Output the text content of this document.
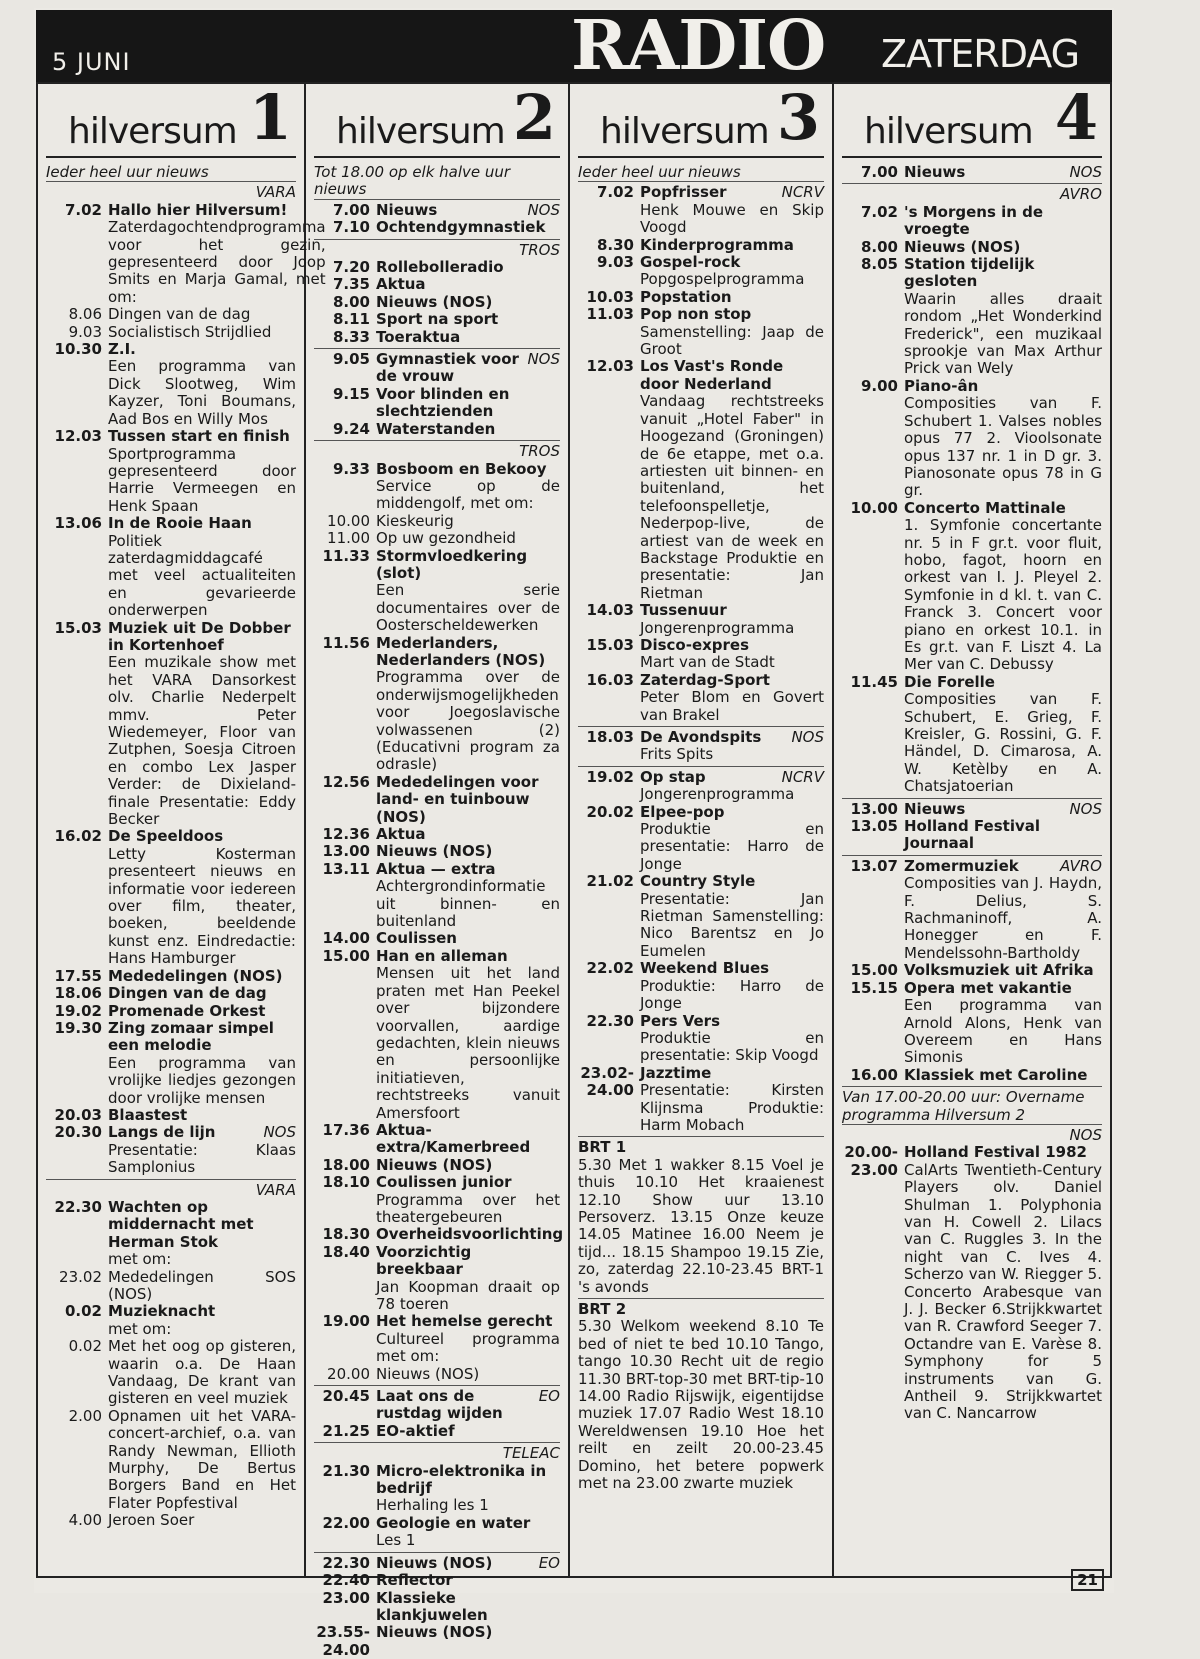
5 JUNI	RADIO ZATERDAG
hilversum 1
Ieder heel uur nieuws
VARA
7.02 Hallo hier Hilversum!
Zaterdagochtendprogramma voor het gezin, gepresenteerd door Joop Smits en Marja Gamal, met om:
8.06 Dingen van de dag
9.03 Socialistisch Strijdlied
10.30 Z.I.
Een programma van Dick Slootweg, Wim Kayzer, Toni Boumans, Aad Bos en Willy Mos
12.03 Tussen start en finish
Sportprogramma gepresenteerd door Harrie Vermeegen en Henk Spaan
13.06 In de Rooie Haan
Politiek zaterdagmiddagcafé met veel actualiteiten en gevarieerde onderwerpen
15.03 Muziek uit De Dobber in Kortenhoef
Een muzikale show met het VARA Dansorkest olv. Charlie Nederpelt mmv. Peter Wiedemeyer, Floor van Zutphen, Soesja Citroen en combo Lex Jasper Verder: de Dixieland-finale Presentatie: Eddy Becker
16.02 De Speeldoos
Letty Kosterman presenteert nieuws en informatie voor iedereen over film, theater, boeken, beeldende kunst enz. Eindredactie: Hans Hamburger
17.55 Mededelingen (NOS)
18.06 Dingen van de dag
19.02 Promenade Orkest
19.30 Zing zomaar simpel een melodie
Een programma van vrolijke liedjes gezongen door vrolijke mensen
20.03 Blaastest
20.30 Langs de lijn	NOS
Presentatie: Klaas Samplonius
VARA
22.30 Wachten op middernacht met Herman Stok
met om:
23.02 Mededelingen SOS (NOS)
0.02 Muzieknacht
met om:
0.02 Met het oog op gisteren, waarin o.a. De Haan Vandaag, De krant van gisteren en veel muziek
2.00 Opnamen uit het VARA-concert-archief, o.a. van Randy Newman, Ellioth Murphy, De Bertus Borgers Band en Het Flater Popfestival
4.00 Jeroen Soer
hilversum 2
Tot 18.00 op elk halve uur nieuws
7.00 Nieuws	NOS
7.10 Ochtendgymnastiek
TROS
7.20 Rollebolleradio
7.35 Aktua
8.00 Nieuws (NOS)
8.11 Sport na sport
8.33 Toeraktua
9.05 Gymnastiek voor de vrouw
NOS
9.15 Voor blinden en slechtzienden
9.24 Waterstanden
TROS
9.33 Bosboom en Bekooy
Service op de middengolf, met om:
10.00 Kieskeurig
11.00 Op uw gezondheid
11.33 Stormvloedkering (slot)
Een serie documentaires over de Oosterscheldewerken
11.56 Mederlanders, Nederlanders (NOS)
Programma over de onderwijsmogelijkheden voor Joegoslavische volwassenen (2) (Educativni program za odrasle)
12.56 Mededelingen voor land- en tuinbouw (NOS)
12.36 Aktua
13.00 Nieuws (NOS)
13.11 Aktua — extra
Achtergrondinformatie uit binnen- en buitenland
14.00 Coulissen
15.00 Han en alleman
Mensen uit het land praten met Han Peekel over bijzondere voorvallen, aardige gedachten, klein nieuws en persoonlijke initiatieven, rechtstreeks vanuit Amersfoort
17.36 Aktua-extra/Kamerbreed
18.00 Nieuws (NOS)
18.10 Coulissen junior
Programma over het theatergebeuren
18.30 Overheidsvoorlichting
18.40 Voorzichtig breekbaar
Jan Koopman draait op 78 toeren
19.00 Het hemelse gerecht
Cultureel programma met om:
20.00 Nieuws (NOS)
20.45 Laat ons de rustdag wijden
EO
21.25 EO-aktief
TELEAC
21.30 Micro-elektronika in bedrijf
Herhaling les 1
22.00 Geologie en water
Les 1
22.30 Nieuws (NOS)	EO
22.40 Reflector
23.00 Klassieke klankjuwelen
23.55-24.00
Nieuws (NOS)
hilversum 3
Ieder heel uur nieuws
7.02 Popfrisser	NCRV
Henk Mouwe en Skip Voogd
8.30 Kinderprogramma
9.03 Gospel-rock
Popgospelprogramma
10.03 Popstation
11.03 Pop non stop
Samenstelling: Jaap de Groot
12.03 Los Vast's Ronde door Nederland
Vandaag rechtstreeks vanuit „Hotel Faber" in Hoogezand (Groningen) de 6e etappe, met o.a. artiesten uit binnen- en buitenland, het telefoonspelletje, Nederpop-live, de artiest van de week en Backstage Produktie en presentatie: Jan Rietman
14.03 Tussenuur
Jongerenprogramma
15.03 Disco-expres
Mart van de Stadt
16.03 Zaterdag-Sport
Peter Blom en Govert van Brakel
18.03 De Avondspits	NOS
Frits Spits
19.02 Op stap	NCRV
Jongerenprogramma
20.02 Elpee-pop
Produktie en presentatie: Harro de Jonge
21.02 Country Style
Presentatie: Jan Rietman Samenstelling: Nico Barentsz en Jo Eumelen
22.02 Weekend Blues
Produktie: Harro de Jonge
22.30 Pers Vers
Produktie en presentatie: Skip Voogd
23.02-24.00
Jazztime
Presentatie: Kirsten Klijnsma Produktie: Harm Mobach
BRT 1
5.30 Met 1 wakker 8.15 Voel je thuis 10.10 Het kraaienest 12.10 Show uur 13.10 Persoverz. 13.15 Onze keuze 14.05 Matinee 16.00 Neem je tijd... 18.15 Shampoo 19.15 Zie, zo, zaterdag 22.10-23.45 BRT-1 's avonds
BRT 2
5.30 Welkom weekend 8.10 Te bed of niet te bed 10.10 Tango, tango 10.30 Recht uit de regio 11.30 BRT-top-30 met BRT-tip-10 14.00 Radio Rijswijk, eigentijdse muziek 17.07 Radio West 18.10 Wereldwensen 19.10 Hoe het reilt en zeilt 20.00-23.45 Domino, het betere popwerk met na 23.00 zwarte muziek
hilversum 4
7.00 Nieuws	NOS
AVRO
7.02 's Morgens in de vroegte
8.00 Nieuws (NOS)
8.05 Station tijdelijk gesloten
Waarin alles draait rondom „Het Wonderkind Frederick", een muzikaal sprookje van Max Arthur Prick van Wely
9.00 Piano-ân
Composities van F. Schubert 1. Valses nobles opus 77 2. Vioolsonate opus 137 nr. 1 in D gr. 3. Pianosonate opus 78 in G gr.
10.00 Concerto Mattinale
1. Symfonie concertante nr. 5 in F gr.t. voor fluit, hobo, fagot, hoorn en orkest van I. J. Pleyel 2. Symfonie in d kl. t. van C. Franck 3. Concert voor piano en orkest 10.1. in Es gr.t. van F. Liszt 4. La Mer van C. Debussy
11.45 Die Forelle
Composities van F. Schubert, E. Grieg, F. Kreisler, G. Rossini, G. F. Händel, D. Cimarosa, A. W. Ketèlby en A. Chatsjatoerian
13.00 Nieuws	NOS
13.05 Holland Festival Journaal
13.07 Zomermuziek	AVRO
Composities van J. Haydn, F. Delius, S. Rachmaninoff, A. Honegger en F. Mendelssohn-Bartholdy
15.00 Volksmuziek uit Afrika
15.15 Opera met vakantie
Een programma van Arnold Alons, Henk van Overeem en Hans Simonis
16.00 Klassiek met Caroline
Van 17.00-20.00 uur: Overname programma Hilversum 2
NOS
20.00-23.00
Holland Festival 1982
CalArts Twentieth-Century Players olv. Daniel Shulman 1. Polyphonia van H. Cowell 2. Lilacs van C. Ruggles 3. In the night van C. Ives 4. Scherzo van W. Riegger 5. Concerto Arabesque van J. J. Becker 6.Strijkkwartet van R. Crawford Seeger 7. Octandre van E. Varèse 8. Symphony for 5 instruments van G. Antheil 9. Strijkkwartet van C. Nancarrow
21
